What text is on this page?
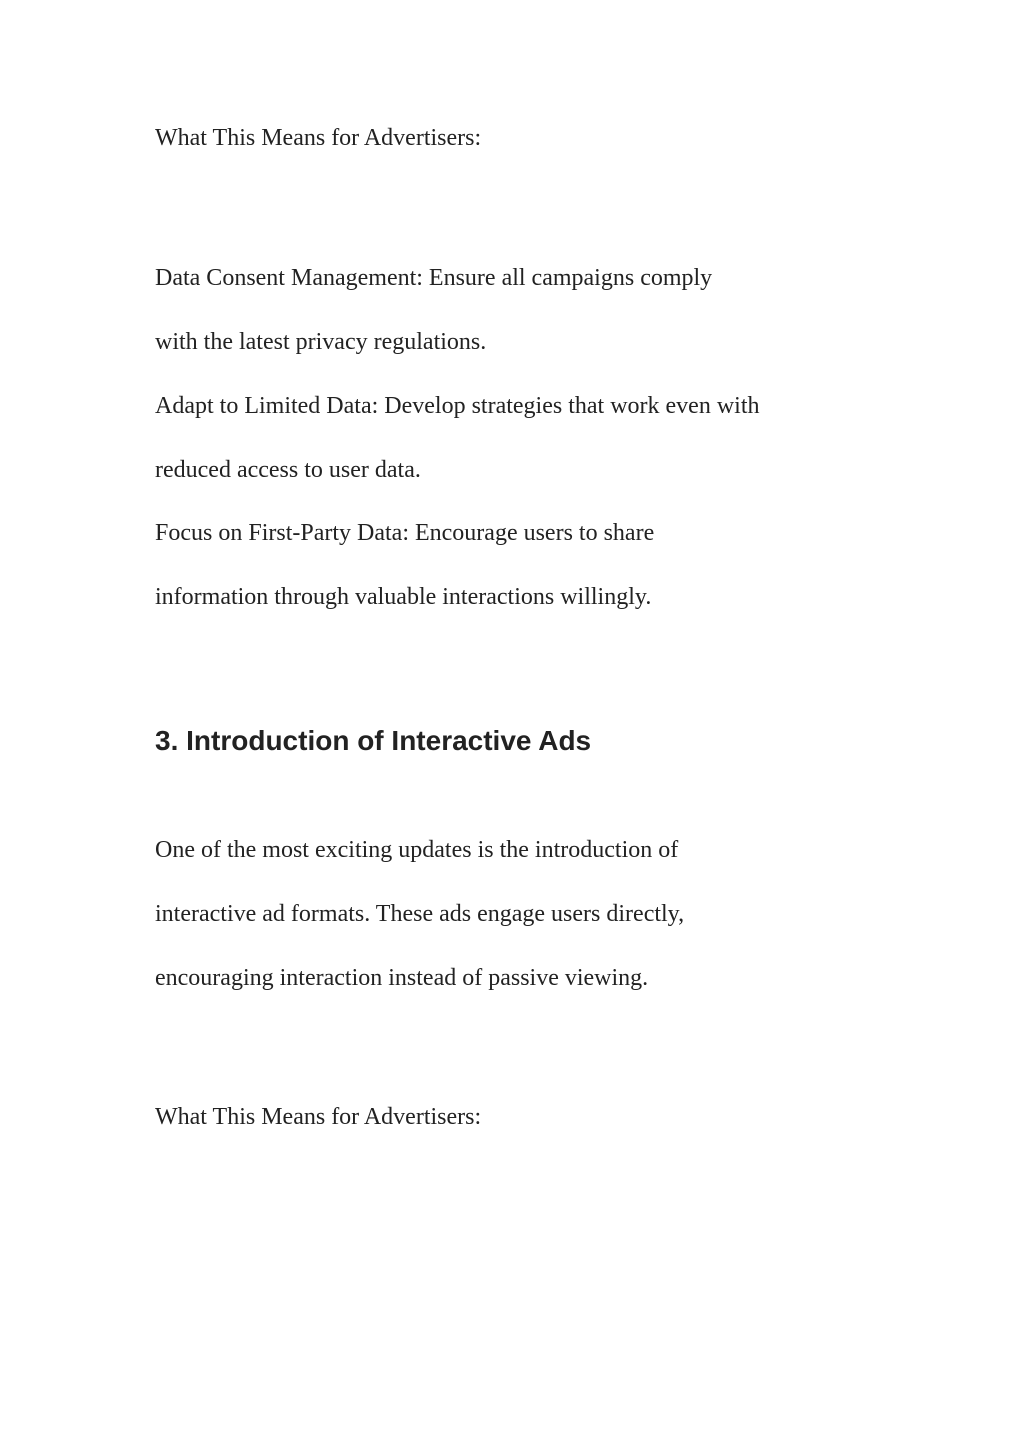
What This Means for Advertisers:

Data Consent Management: Ensure all campaigns comply

with the latest privacy regulations.

Adapt to Limited Data: Develop strategies that work even with

reduced access to user data.

Focus on First-Party Data: Encourage users to share

information through valuable interactions willingly.

3. Introduction of Interactive Ads

One of the most exciting updates is the introduction of

interactive ad formats. These ads engage users directly,

encouraging interaction instead of passive viewing.

What This Means for Advertisers:
